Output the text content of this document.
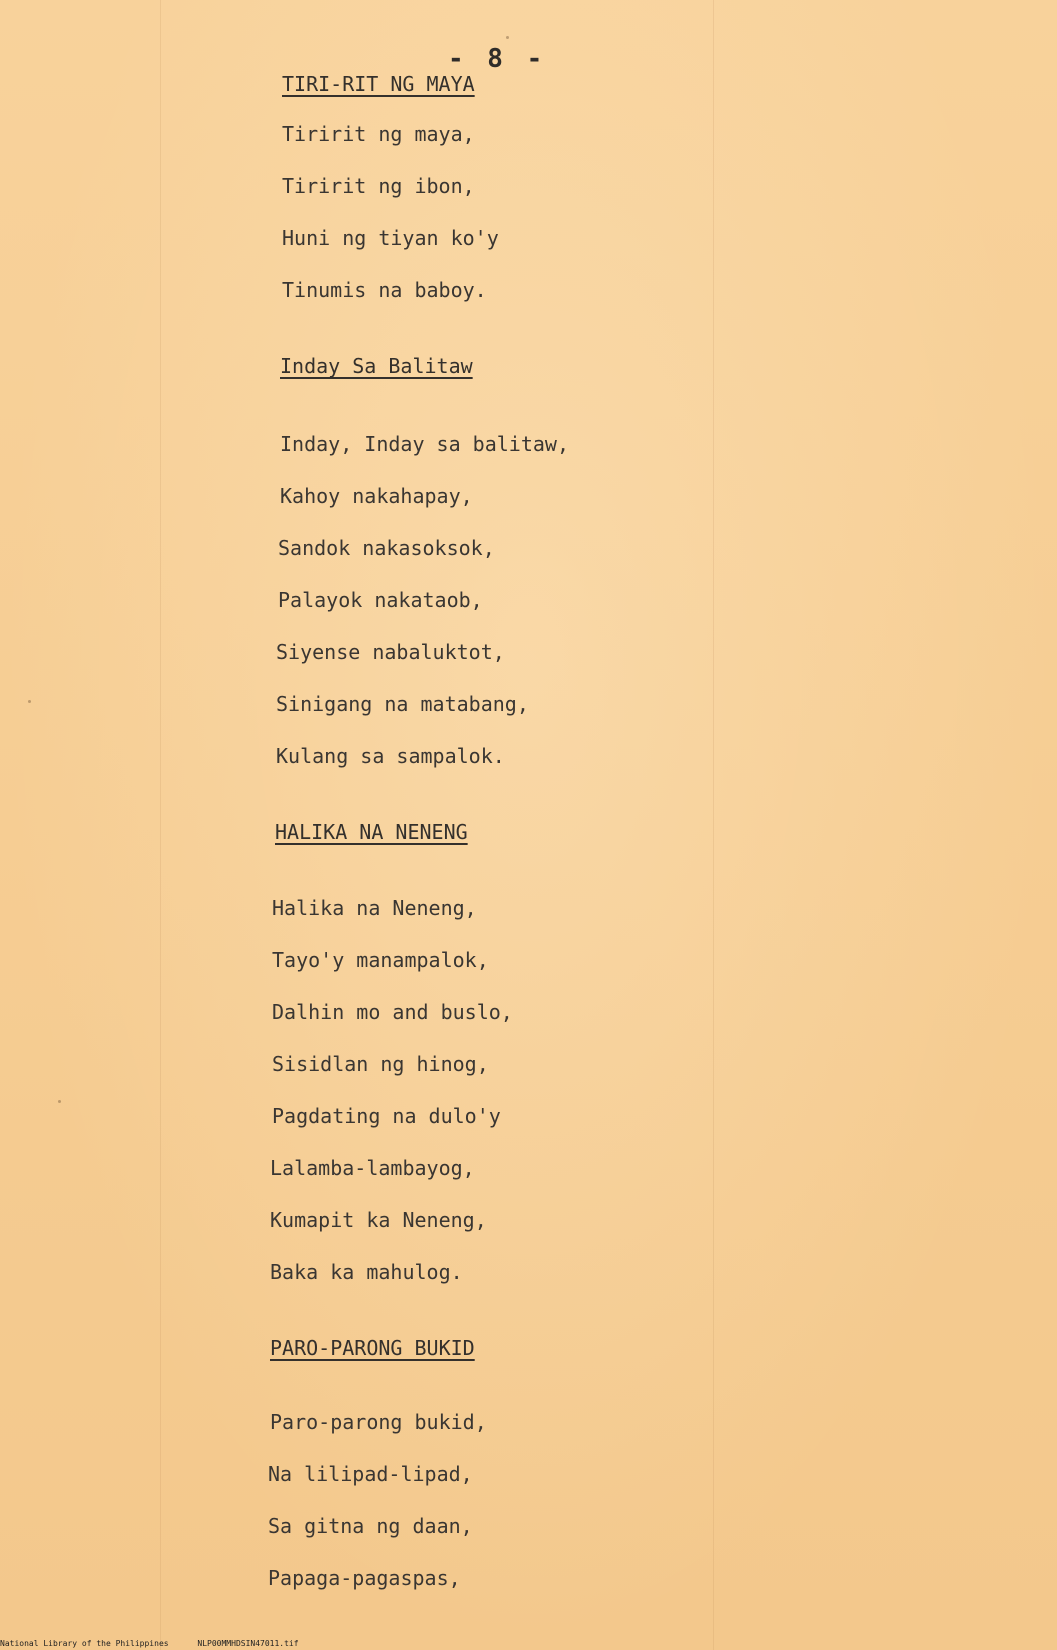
- 8 -
TIRI-RIT NG MAYA
Tiririt ng maya,
Tiririt ng ibon,
Huni ng tiyan ko'y
Tinumis na baboy.
Inday Sa Balitaw
Inday, Inday sa balitaw,
Kahoy nakahapay,
Sandok nakasoksok,
Palayok nakataob,
Siyense nabaluktot,
Sinigang na matabang,
Kulang sa sampalok.
HALIKA NA NENENG
Halika na Neneng,
Tayo'y manampalok,
Dalhin mo and buslo,
Sisidlan ng hinog,
Pagdating na dulo'y
Lalamba-lambayog,
Kumapit ka Neneng,
Baka ka mahulog.
PARO-PARONG BUKID
Paro-parong bukid,
Na lilipad-lipad,
Sa gitna ng daan,
Papaga-pagaspas,
National Library of the Philippines	NLP00MMHDSIN47011.tif
